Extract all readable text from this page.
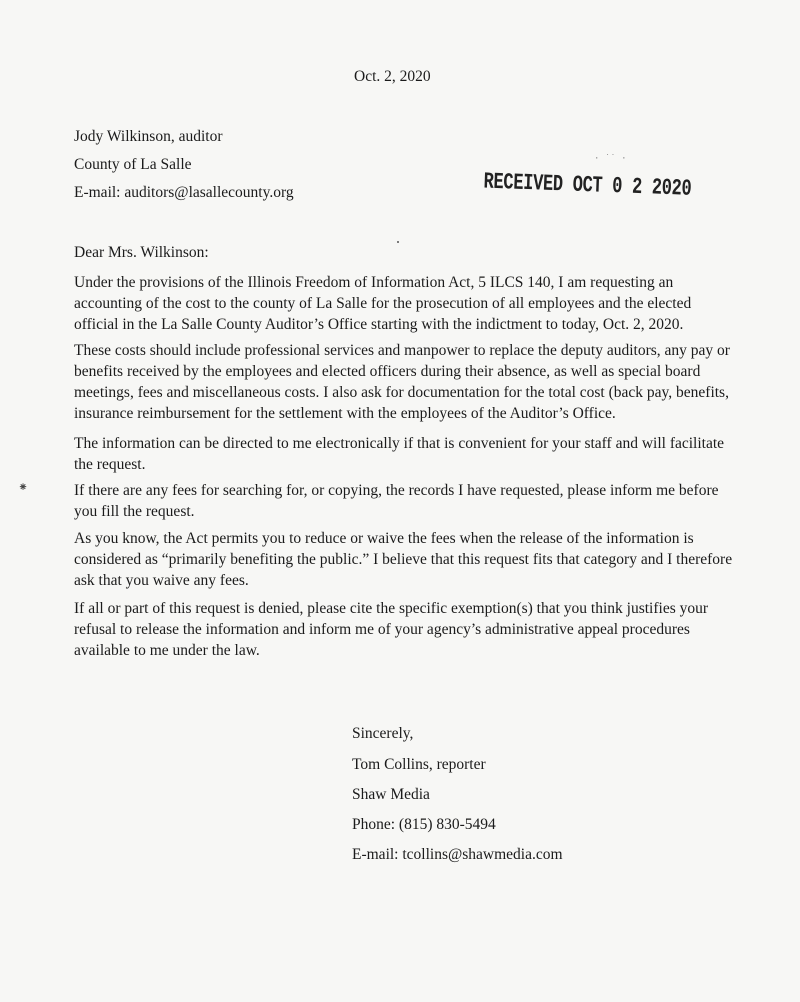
Oct. 2, 2020
Jody Wilkinson, auditor
County of La Salle
E-mail: auditors@lasallecounty.org
· ˙˙ ·
RECEIVED OCT 0 2 2020
⁕
Dear Mrs. Wilkinson:
Under the provisions of the Illinois Freedom of Information Act, 5 ILCS 140, I am requesting an accounting of the cost to the county of La Salle for the prosecution of all employees and the elected official in the La Salle County Auditor’s Office starting with the indictment to today, Oct. 2, 2020.
These costs should include professional services and manpower to replace the deputy auditors, any pay or benefits received by the employees and elected officers during their absence, as well as special board meetings, fees and miscellaneous costs. I also ask for documentation for the total cost (back pay, benefits, insurance reimbursement for the settlement with the employees of the Auditor’s Office.
The information can be directed to me electronically if that is convenient for your staff and will facilitate the request.
If there are any fees for searching for, or copying, the records I have requested, please inform me before you fill the request.
As you know, the Act permits you to reduce or waive the fees when the release of the information is considered as “primarily benefiting the public.” I believe that this request fits that category and I therefore ask that you waive any fees.
If all or part of this request is denied, please cite the specific exemption(s) that you think justifies your refusal to release the information and inform me of your agency’s administrative appeal procedures available to me under the law.
Sincerely,
Tom Collins, reporter
Shaw Media
Phone: (815) 830-5494
E-mail: tcollins@shawmedia.com
